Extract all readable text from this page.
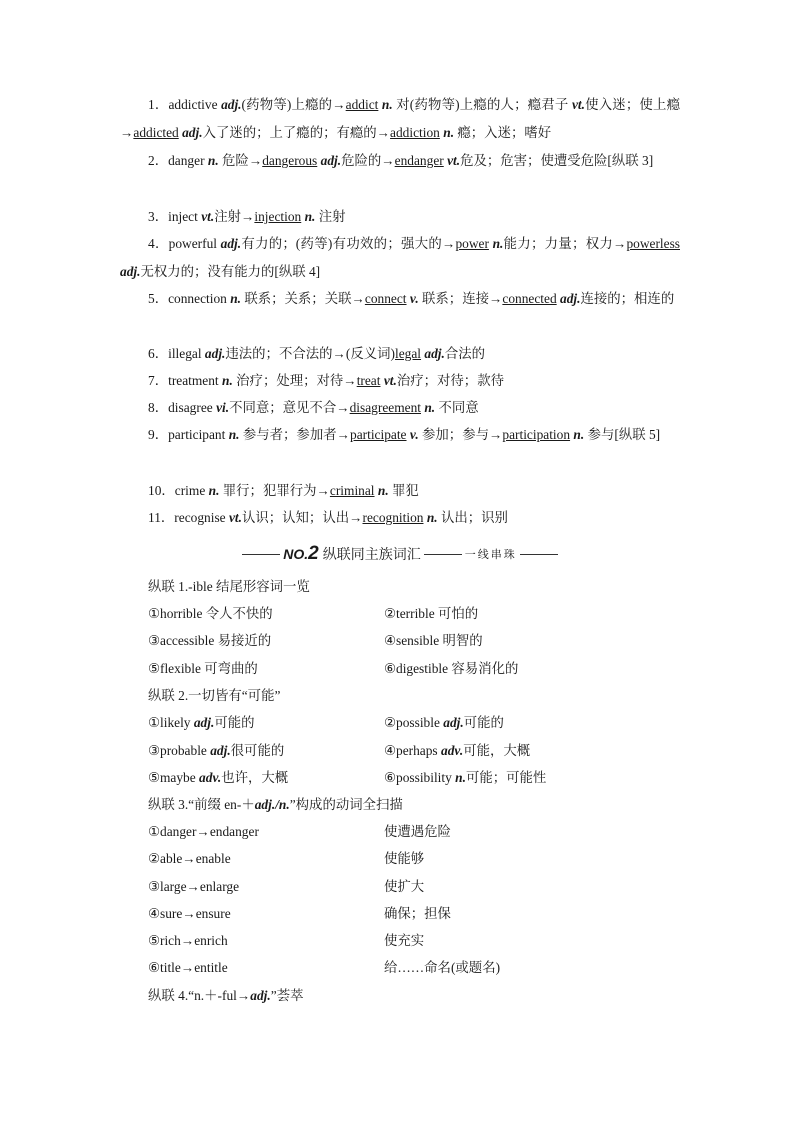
1．addictive adj.(药物等)上瘾的→addict n. 对(药物等)上瘾的人；瘾君子 vt.使入迷；使上瘾→addicted adj.入了迷的；上了瘾的；有瘾的→addiction n. 瘾；入迷；嗜好
2．danger n. 危险→dangerous adj.危险的→endanger vt.危及；危害；使遭受危险[纵联 3]
3．inject vt.注射→injection n. 注射
4．powerful adj.有力的；(药等)有功效的；强大的→power n.能力；力量；权力→powerless adj.无权力的；没有能力的[纵联 4]
5．connection n. 联系；关系；关联→connect v. 联系；连接→connected adj.连接的；相连的
6．illegal adj.违法的；不合法的→(反义词)legal adj.合法的
7．treatment n. 治疗；处理；对待→treat vt.治疗；对待；款待
8．disagree vi.不同意；意见不合→disagreement n. 不同意
9．participant n. 参与者；参加者→participate v. 参加；参与→participation n. 参与[纵联 5]
10．crime n. 罪行；犯罪行为→criminal n. 罪犯
11．recognise vt.认识；认知；认出→recognition n. 认出；识别
NO.2 纵联同主族词汇	一线串珠
纵联 1.-ible 结尾形容词一览
①horrible 令人不快的	②terrible 可怕的
③accessible 易接近的	④sensible 明智的
⑤flexible 可弯曲的	⑥digestible 容易消化的
纵联 2.一切皆有“可能”
①likely adj.可能的	②possible adj.可能的
③probable adj.很可能的	④perhaps adv.可能，大概
⑤maybe adv.也许，大概	⑥possibility n.可能；可能性
纵联 3.“前缀 en-＋adj./n.”构成的动词全扫描
①danger→endanger	使遭遇危险
②able→enable	使能够
③large→enlarge	使扩大
④sure→ensure	确保；担保
⑤rich→enrich	使充实
⑥title→entitle	给……命名(或题名)
纵联 4.“n.＋-ful→adj.”荟萃
